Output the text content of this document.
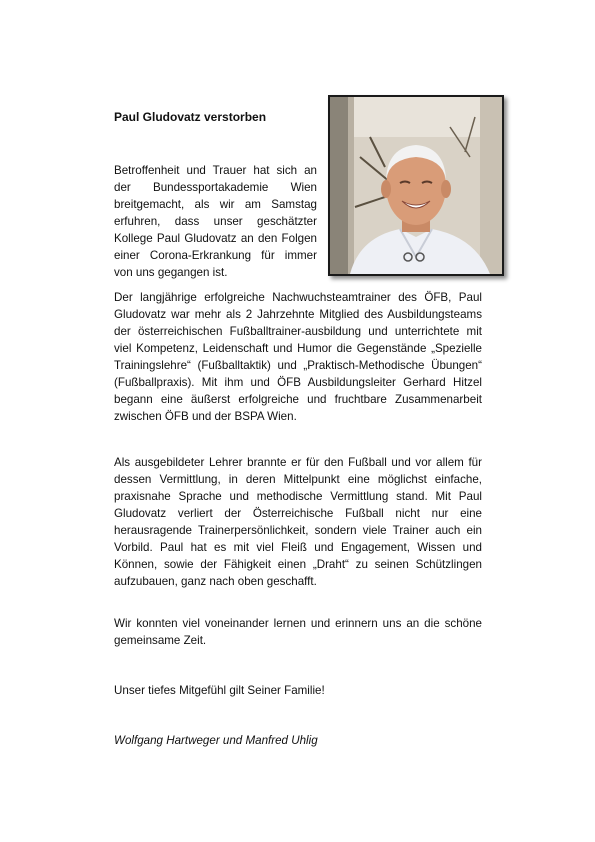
Paul Gludovatz verstorben

Betroffenheit und Trauer hat sich an der Bundessportakademie Wien breitgemacht, als wir am Samstag erfuhren, dass unser geschätzter Kollege Paul Gludovatz an den Folgen einer Corona-Erkrankung für immer von uns gegangen ist.

Der langjährige erfolgreiche Nachwuchsteamtrainer des ÖFB, Paul Gludovatz war mehr als 2 Jahrzehnte Mitglied des Ausbildungsteams der österreichischen Fußballtrainer-ausbildung und unterrichtete mit viel Kompetenz, Leidenschaft und Humor die Gegenstände „Spezielle Trainingslehre“ (Fußballtaktik) und „Praktisch-Methodische Übungen“ (Fußballpraxis). Mit ihm und ÖFB Ausbildungsleiter Gerhard Hitzel begann eine äußerst erfolgreiche und fruchtbare Zusammenarbeit zwischen ÖFB und der BSPA Wien.

Als ausgebildeter Lehrer brannte er für den Fußball und vor allem für dessen Vermittlung, in deren Mittelpunkt eine möglichst einfache, praxisnahe Sprache und methodische Vermittlung stand. Mit Paul Gludovatz verliert der Österreichische Fußball nicht nur eine herausragende Trainerpersönlichkeit, sondern viele Trainer auch ein Vorbild. Paul hat es mit viel Fleiß und Engagement, Wissen und Können, sowie der Fähigkeit einen „Draht“ zu seinen Schützlingen aufzubauen, ganz nach oben geschafft.

Wir konnten viel voneinander lernen und erinnern uns an die schöne gemeinsame Zeit.

Unser tiefes Mitgefühl gilt Seiner Familie!

Wolfgang Hartweger und Manfred Uhlig
